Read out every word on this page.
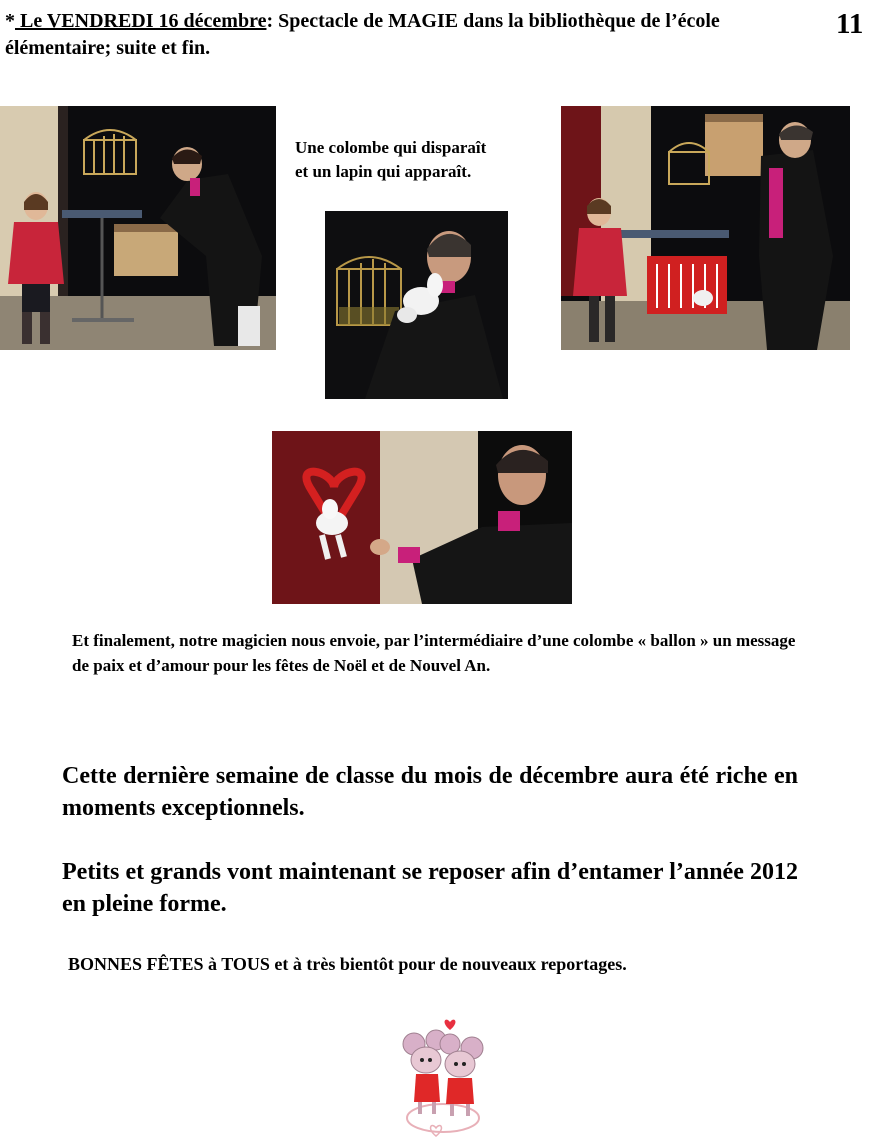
* Le VENDREDI 16 décembre: Spectacle de MAGIE dans la bibliothèque de l’école élémentaire; suite et fin.
11
Une colombe qui disparaît
et un lapin qui apparaît.
Et finalement, notre magicien nous envoie, par l’intermédiaire d’une colombe « ballon » un message de paix et d’amour pour les fêtes de Noël et de Nouvel An.
Cette dernière semaine de classe du mois de décembre aura été riche en moments exceptionnels.
Petits et grands vont maintenant se reposer afin d’entamer l’année 2012 en pleine forme.
BONNES FÊTES à TOUS et à très bientôt pour de nouveaux reportages.
